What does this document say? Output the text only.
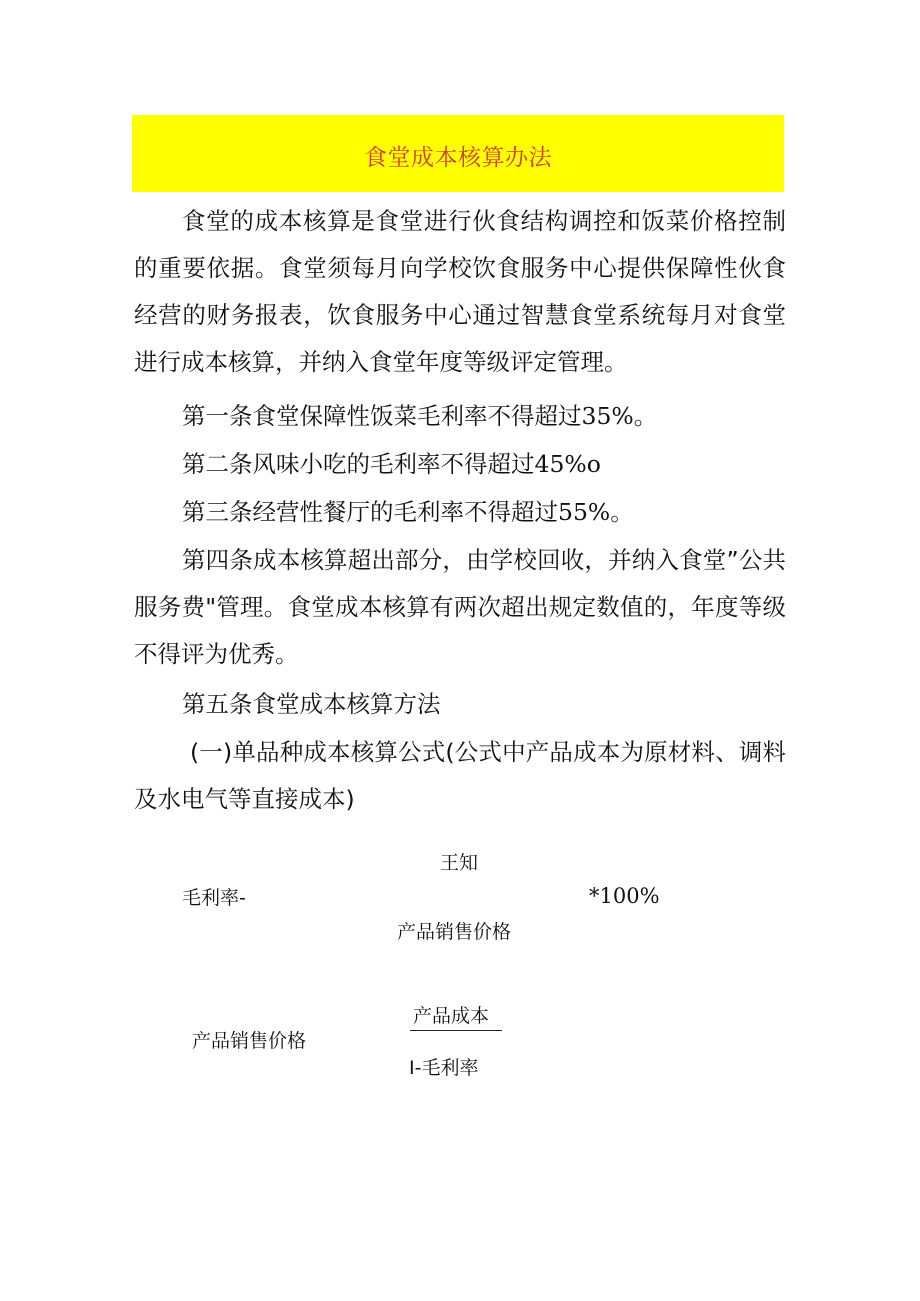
食堂成本核算办法

食堂的成本核算是食堂进行伙食结构调控和饭菜价格控制的重要依据。食堂须每月向学校饮食服务中心提供保障性伙食经营的财务报表，饮食服务中心通过智慧食堂系统每月对食堂进行成本核算，并纳入食堂年度等级评定管理。

第一条食堂保障性饭菜毛利率不得超过35%。

第二条风味小吃的毛利率不得超过45%o

第三条经营性餐厅的毛利率不得超过55%。

第四条成本核算超出部分，由学校回收，并纳入食堂”公共服务费"管理。食堂成本核算有两次超出规定数值的，年度等级不得评为优秀。

第五条食堂成本核算方法

(一)单品种成本核算公式(公式中产品成本为原材料、调料及水电气等直接成本)

王知
毛利率-	*100%
产品销售价格
产品成本
产品销售价格
I-毛利率
